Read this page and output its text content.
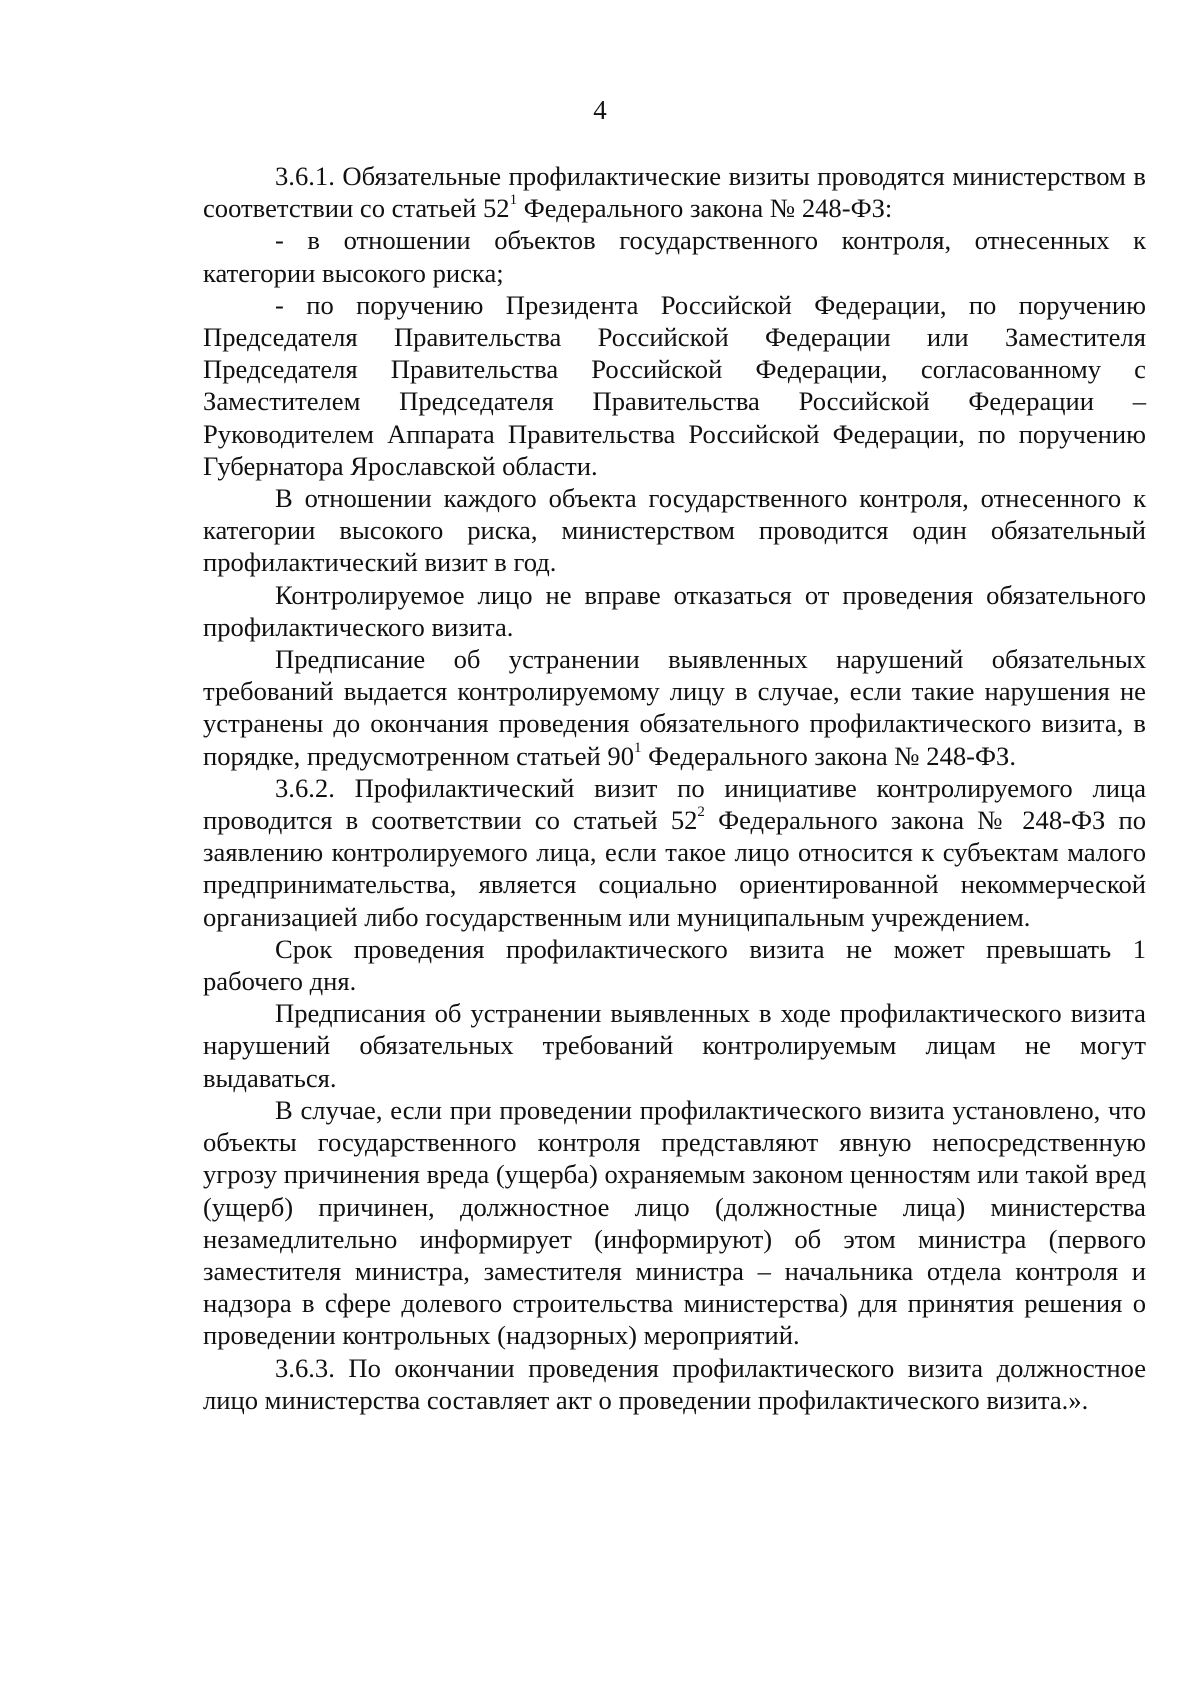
4

3.6.1. Обязательные профилактические визиты проводятся министерством в соответствии со статьей $52^1$ Федерального закона № 248-ФЗ:

- в отношении объектов государственного контроля, отнесенных к категории высокого риска;

- по поручению Президента Российской Федерации, по поручению Председателя Правительства Российской Федерации или Заместителя Председателя Правительства Российской Федерации, согласованному с Заместителем Председателя Правительства Российской Федерации – Руководителем Аппарата Правительства Российской Федерации, по поручению Губернатора Ярославской области.

В отношении каждого объекта государственного контроля, отнесенного к категории высокого риска, министерством проводится один обязательный профилактический визит в год.

Контролируемое лицо не вправе отказаться от проведения обязательного профилактического визита.

Предписание об устранении выявленных нарушений обязательных требований выдается контролируемому лицу в случае, если такие нарушения не устранены до окончания проведения обязательного профилактического визита, в порядке, предусмотренном статьей $90^1$ Федерального закона № 248-ФЗ.

3.6.2. Профилактический визит по инициативе контролируемого лица проводится в соответствии со статьей $52^2$ Федерального закона № 248-ФЗ по заявлению контролируемого лица, если такое лицо относится к субъектам малого предпринимательства, является социально ориентированной некоммерческой организацией либо государственным или муниципальным учреждением.

Срок проведения профилактического визита не может превышать 1 рабочего дня.

Предписания об устранении выявленных в ходе профилактического визита нарушений обязательных требований контролируемым лицам не могут выдаваться.

В случае, если при проведении профилактического визита установлено, что объекты государственного контроля представляют явную непосредственную угрозу причинения вреда (ущерба) охраняемым законом ценностям или такой вред (ущерб) причинен, должностное лицо (должностные лица) министерства незамедлительно информирует (информируют) об этом министра (первого заместителя министра, заместителя министра – начальника отдела контроля и надзора в сфере долевого строительства министерства) для принятия решения о проведении контрольных (надзорных) мероприятий.

3.6.3. По окончании проведения профилактического визита должностное лицо министерства составляет акт о проведении профилактического визита.».
